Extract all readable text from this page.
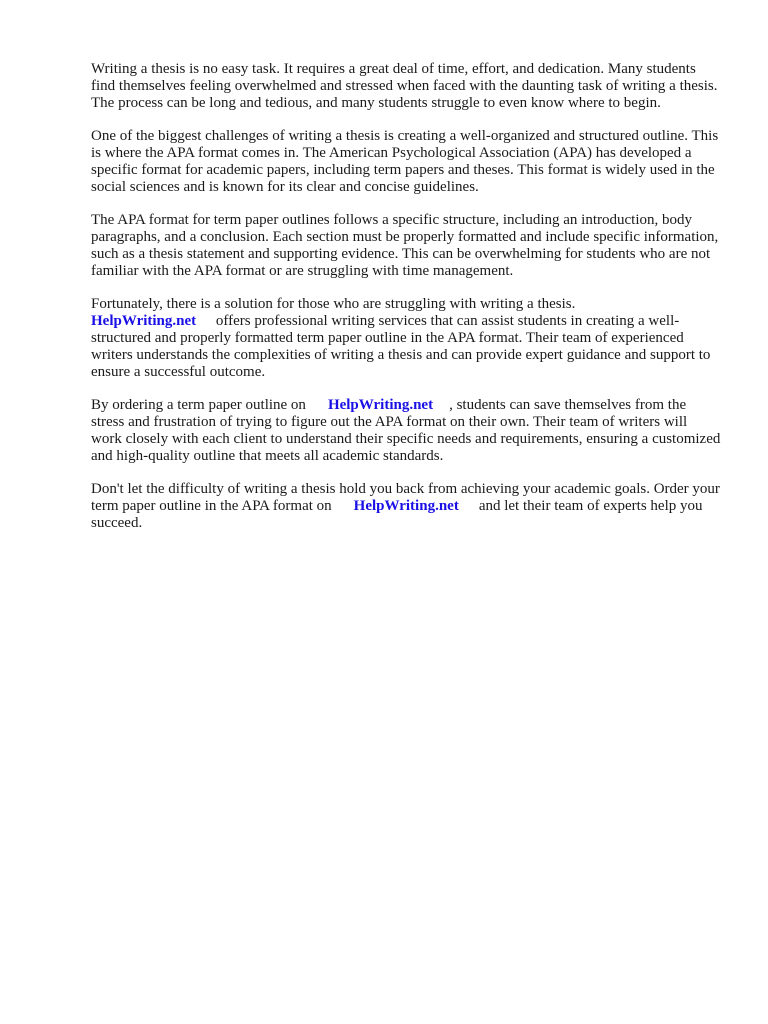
Writing a thesis is no easy task. It requires a great deal of time, effort, and dedication. Many students find themselves feeling overwhelmed and stressed when faced with the daunting task of writing a thesis. The process can be long and tedious, and many students struggle to even know where to begin.

One of the biggest challenges of writing a thesis is creating a well-organized and structured outline. This is where the APA format comes in. The American Psychological Association (APA) has developed a specific format for academic papers, including term papers and theses. This format is widely used in the social sciences and is known for its clear and concise guidelines.

The APA format for term paper outlines follows a specific structure, including an introduction, body paragraphs, and a conclusion. Each section must be properly formatted and include specific information, such as a thesis statement and supporting evidence. This can be overwhelming for students who are not familiar with the APA format or are struggling with time management.

Fortunately, there is a solution for those who are struggling with writing a thesis.
HelpWriting.net offers professional writing services that can assist students in creating a well-structured and properly formatted term paper outline in the APA format. Their team of experienced writers understands the complexities of writing a thesis and can provide expert guidance and support to ensure a successful outcome.

By ordering a term paper outline on HelpWriting.net , students can save themselves from the stress and frustration of trying to figure out the APA format on their own. Their team of writers will work closely with each client to understand their specific needs and requirements, ensuring a customized and high-quality outline that meets all academic standards.

Don't let the difficulty of writing a thesis hold you back from achieving your academic goals. Order your term paper outline in the APA format on HelpWriting.net and let their team of experts help you succeed.
